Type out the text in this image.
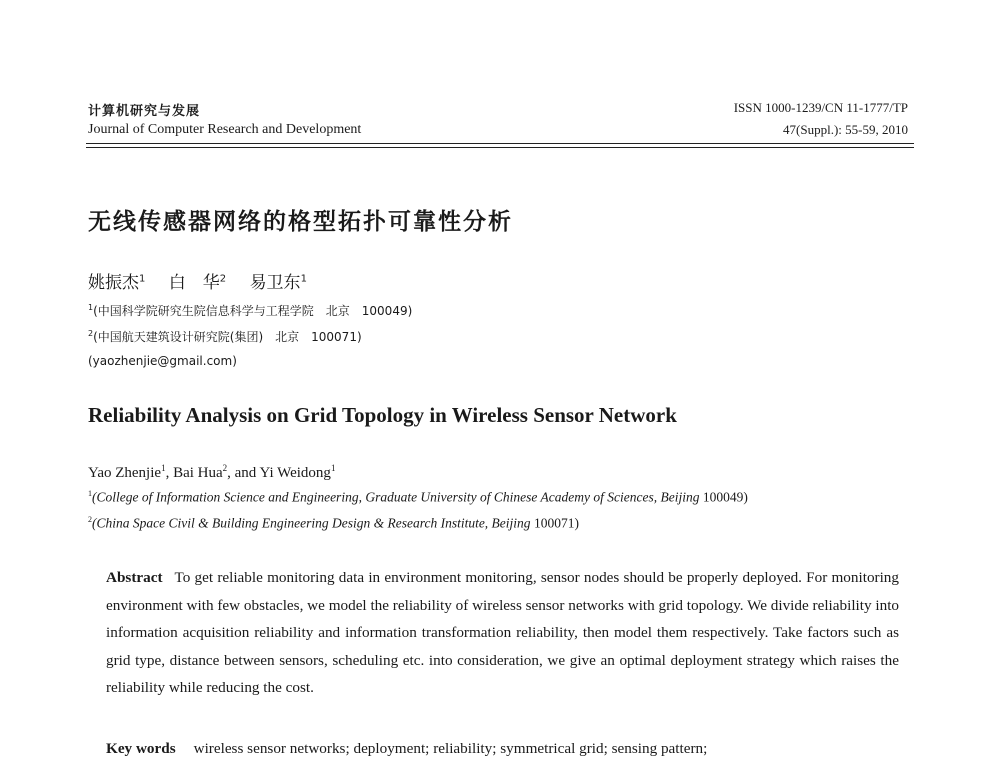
计算机研究与发展
Journal of Computer Research and Development
ISSN 1000-1239/CN 11-1777/TP
47(Suppl.): 55-59, 2010
无线传感器网络的格型拓扑可靠性分析
姚振杰$^1$ 白　华$^2$ 易卫东$^1$
$^1$(中国科学院研究生院信息科学与工程学院　北京　100049)
$^2$(中国航天建筑设计研究院(集团)　北京　100071)
(yaozhenjie@gmail.com)
Reliability Analysis on Grid Topology in Wireless Sensor Network
Yao Zhenjie$^1$, Bai Hua$^2$, and Yi Weidong$^1$
$^1$(College of Information Science and Engineering, Graduate University of Chinese Academy of Sciences, Beijing 100049)
$^2$(China Space Civil & Building Engineering Design & Research Institute, Beijing 100071)
Abstract To get reliable monitoring data in environment monitoring, sensor nodes should be properly deployed. For monitoring environment with few obstacles, we model the reliability of wireless sensor networks with grid topology. We divide reliability into information acquisition reliability and information transformation reliability, then model them respectively. Take factors such as grid type, distance between sensors, scheduling etc. into consideration, we give an optimal deployment strategy which raises the reliability while reducing the cost.
Key words wireless sensor networks; deployment; reliability; symmetrical grid; sensing pattern;
